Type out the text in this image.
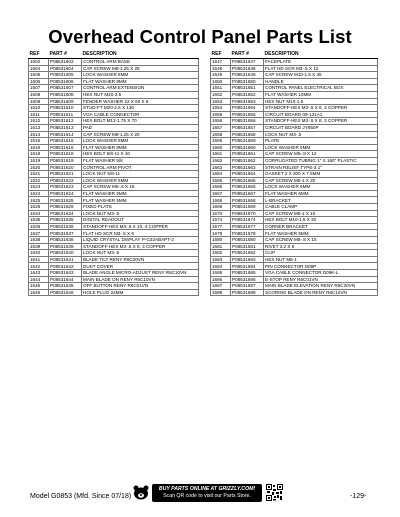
Overhead Control Panel Parts List
REF	PART #	DESCRIPTION
1602	P08531602	CONTROL ARM BASE
1604	P08531604	CAP SCREW M8-1.25 X 25
1605	P08531605	LOCK WASHER 8MM
1606	P08531606	FLAT WASHER 8MM
1607	P08531607	CONTROL ARM EXTENSION
1608	P08531608	HEX NUT M20-2.5
1609	P08531609	FENDER WASHER 22 X 60 X 8
1610	P08531610	STUD-FT M20-2.5 X 130
1611	P08531611	VGA CABLE CONNECTOR
1612	P08531612	HEX BOLT M12-1.75 X 70
1613	P08531613	PAD
1614	P08531614	CAP SCREW M8-1.25 X 20
1615	P08531615	LOCK WASHER 8MM
1616	P08531616	FLAT WASHER 8MM
1618	P08531618	HEX BOLT 5/8-11 X 10
1619	P08531619	FLAT WASHER 5/8
1620	P08531620	CONTROL ARM PIVOT
1621	P08531621	LOCK NUT 5/8-11
1622	P08531622	LOCK WASHER 5MM
1623	P08531623	CAP SCREW M5-.8 X 16
1624	P08531624	FLAT WASHER 5MM
1625	P08531625	FLAT WASHER 5MM
1626	P08531626	FIXED PLATE
1634	P08531634	LOCK NUT M3-.5
1635	P08531635	DIGITAL READOUT
1636	P08531636	STANDOFF-HEX M3-.5 X 10, 4 COPPER
1637	P08531637	FLAT HD SCR M3-.5 X 6
1638	P08531638	LIQUID CRYSTAL DISPLAY P-G32ABAPT-2
1639	P08531639	STANDOFF-HEX M3-.5 X 8, 3 COPPER
1640	P08531640	LOCK NUT M3-.5
1641	P08531641	BLADE TILT RENY R6C20VN
1642	P08531642	DUST COVER
1643	P08531643	BLADE ANGLE MICRO-ADJUST RENY R6C10VN
1644	P08531644	MAIN BLADE ON RENY R6C10VN
1645	P08531645	OFF BUTTON RENY R6C01VN
1646	P08531646	HOLE PLUG 22MM
REF	PART #	DESCRIPTION
1647	P08531647	FACEPLATE
1648	P08531648	FLAT HD SCR M3-.5 X 12
1649	P08531649	CAP SCREW M10-1.5 X 45
1650	P08531650	HANDLE
1651	P08531651	CONTROL PANEL ELECTRICAL BOX
1652	P08531652	FLAT WASHER 10MM
1653	P08531653	HEX NUT M10-1.5
1654	P08531654	STANDOFF-HEX M3-.5 X 8, 3 COPPER
1655	P08531655	CIRCUIT BOARD 09-131A1
1656	P08531656	STANDOFF-HEX M3-.5 X 8, 3 COPPER
1657	P08531657	CIRCUIT BOARD JY850P
1658	P08531658	LOCK NUT M3-.5
1659	P08531659	PLATE
1660	P08531660	LOCK WASHER 5MM
1661	P08531661	CAP SCREW M5-.8 X 12
1662	P08531662	CORRUGATED TUBING 1" X 160" PLASTIC
1663	P08531663	STRAIN RELIEF TYPE-3 1"
1664	P08531664	GASKET 2 X 300 X 7.5MM
1665	P08531665	CAP SCREW M6-1 X 20
1666	P08531666	LOCK WASHER 6MM
1667	P08531667	FLAT WASHER 6MM
1668	P08531668	L-BRACKET
1669	P08531669	CABLE CLAMP
1670	P08531670	CAP SCREW M6-1 X 10
1674	P08531674	HEX BOLT M10-1.5 X 30
1677	P08531677	CORNER BRACKET
1678	P08531678	FLAT WASHER 5MM
1680	P08531680	CAP SCREW M5-.8 X 10
1681	P08531681	RIVET 3.2 X 6
1682	P08531682	CLIP
1683	P08531683	HEX NUT M6-1
1684	P08531684	PIN CONNECTOR D09P
1685	P08531685	VGA CABLE CONNECTOR D09K-L
1686	P08531686	E-STOP RENY R6C01VN
1687	P08531687	MAIN BLADE ELEVATION RENY R6C20VN
1688	P08531688	SCORING BLADE ON RENY R6C10VN
Model G0853 (Mfd. Since 07/18)
BUY PARTS ONLINE AT GRIZZLY.COM!
Scan QR code to visit our Parts Store.	-129-
